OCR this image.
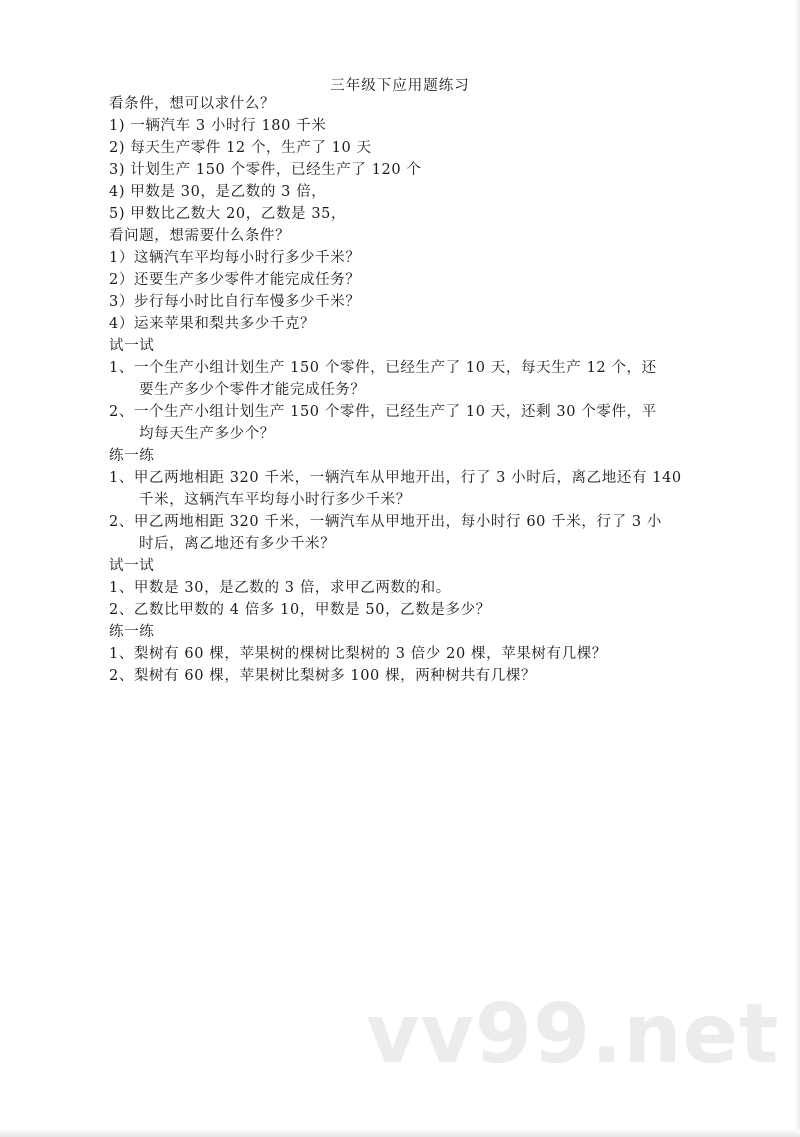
三年级下应用题练习
看条件，想可以求什么？
1) 一辆汽车 3 小时行 180 千米
2) 每天生产零件 12 个，生产了 10 天
3) 计划生产 150 个零件，已经生产了 120 个
4) 甲数是 30，是乙数的 3 倍，
5) 甲数比乙数大 20，乙数是 35，
看问题，想需要什么条件？
1）这辆汽车平均每小时行多少千米？
2）还要生产多少零件才能完成任务？
3）步行每小时比自行车慢多少千米？
4）运来苹果和梨共多少千克？
试一试
1、一个生产小组计划生产 150 个零件，已经生产了 10 天，每天生产 12 个，还
要生产多少个零件才能完成任务？
2、一个生产小组计划生产 150 个零件，已经生产了 10 天，还剩 30 个零件，平
均每天生产多少个？
练一练
1、甲乙两地相距 320 千米，一辆汽车从甲地开出，行了 3 小时后，离乙地还有 140
千米，这辆汽车平均每小时行多少千米？
2、甲乙两地相距 320 千米，一辆汽车从甲地开出，每小时行 60 千米，行了 3 小
时后，离乙地还有多少千米？
试一试
1、甲数是 30，是乙数的 3 倍，求甲乙两数的和。
2、乙数比甲数的 4 倍多 10，甲数是 50，乙数是多少？
练一练
1、梨树有 60 棵，苹果树的棵树比梨树的 3 倍少 20 棵，苹果树有几棵？
2、梨树有 60 棵，苹果树比梨树多 100 棵，两种树共有几棵？
vv99.net
